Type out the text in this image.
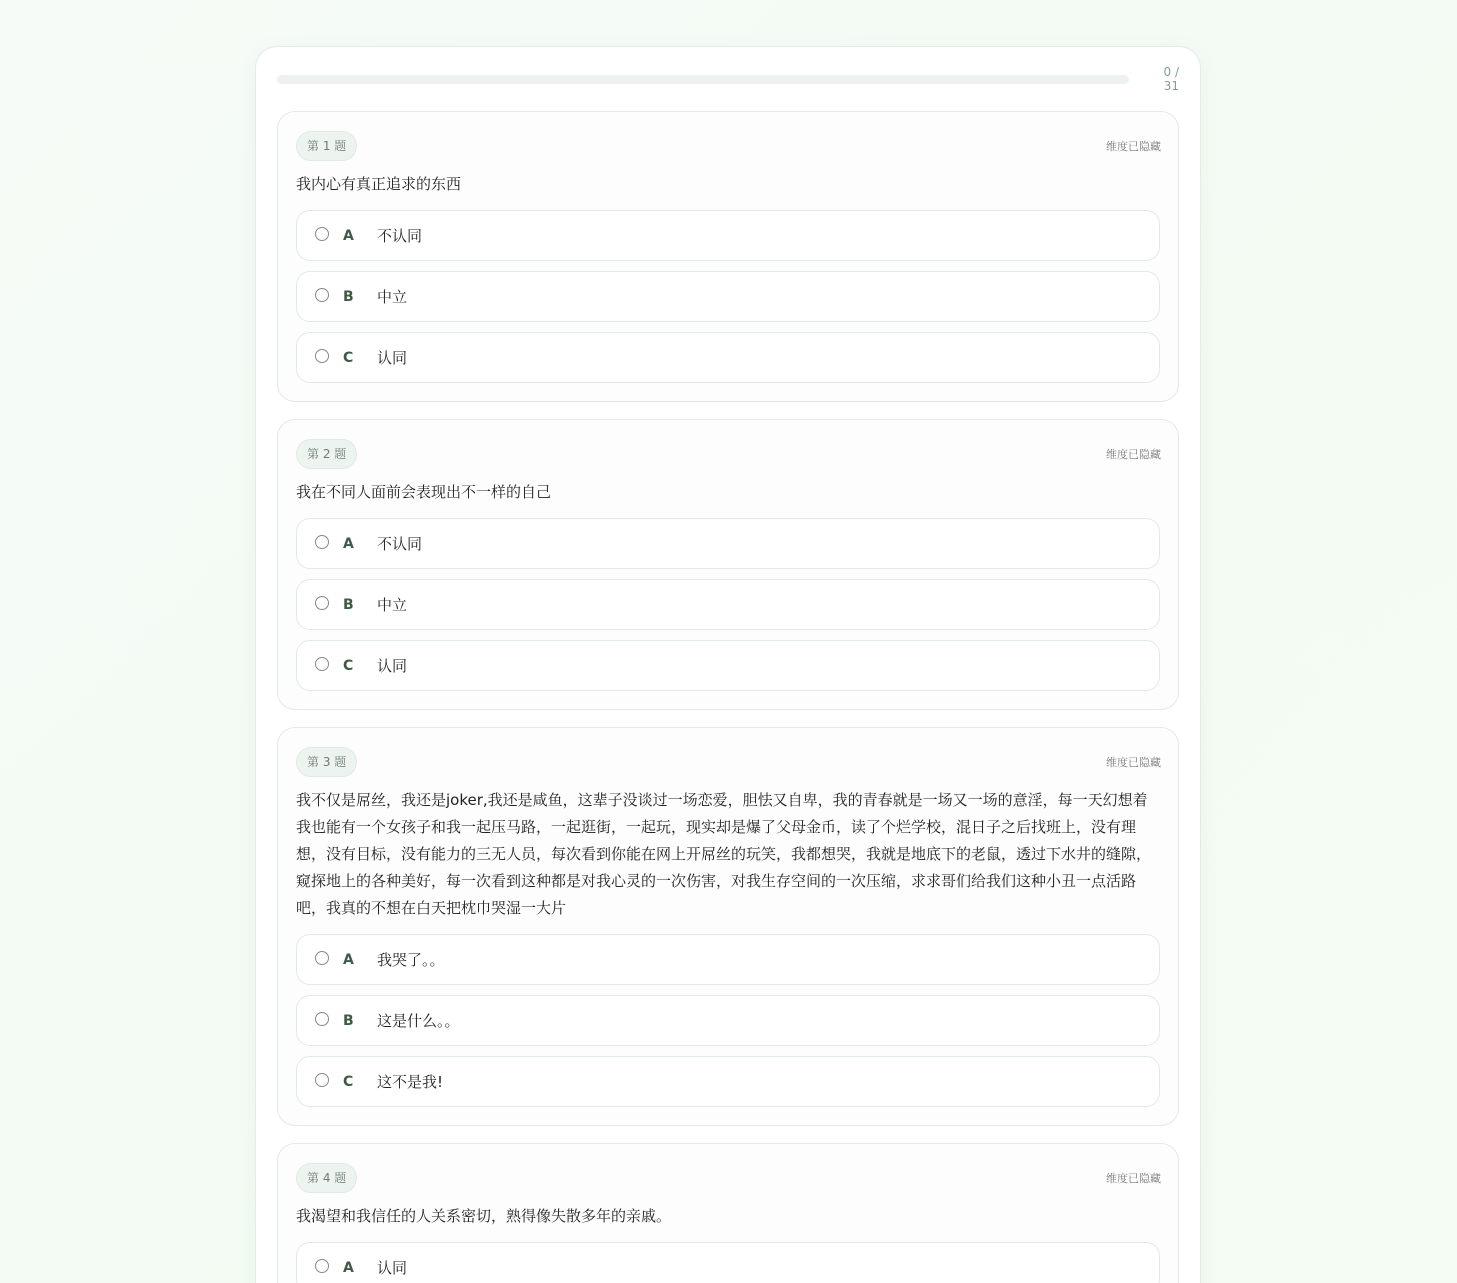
0 / 31
第 1 题	维度已隐藏
我内心有真正追求的东西
A	不认同
B	中立
C	认同
第 2 题	维度已隐藏
我在不同人面前会表现出不一样的自己
A	不认同
B	中立
C	认同
第 3 题	维度已隐藏
我不仅是屌丝，我还是joker,我还是咸鱼，这辈子没谈过一场恋爱，胆怯又自卑，我的青春就是一场又一场的意淫，每一天幻想着我也能有一个女孩子和我一起压马路，一起逛街，一起玩，现实却是爆了父母金币，读了个烂学校，混日子之后找班上，没有理想，没有目标，没有能力的三无人员，每次看到你能在网上开屌丝的玩笑，我都想哭，我就是地底下的老鼠，透过下水井的缝隙，窥探地上的各种美好，每一次看到这种都是对我心灵的一次伤害，对我生存空间的一次压缩，求求哥们给我们这种小丑一点活路吧，我真的不想在白天把枕巾哭湿一大片
A	我哭了。。
B	这是什么。。
C	这不是我!
第 4 题	维度已隐藏
我渴望和我信任的人关系密切，熟得像失散多年的亲戚。
A	认同
